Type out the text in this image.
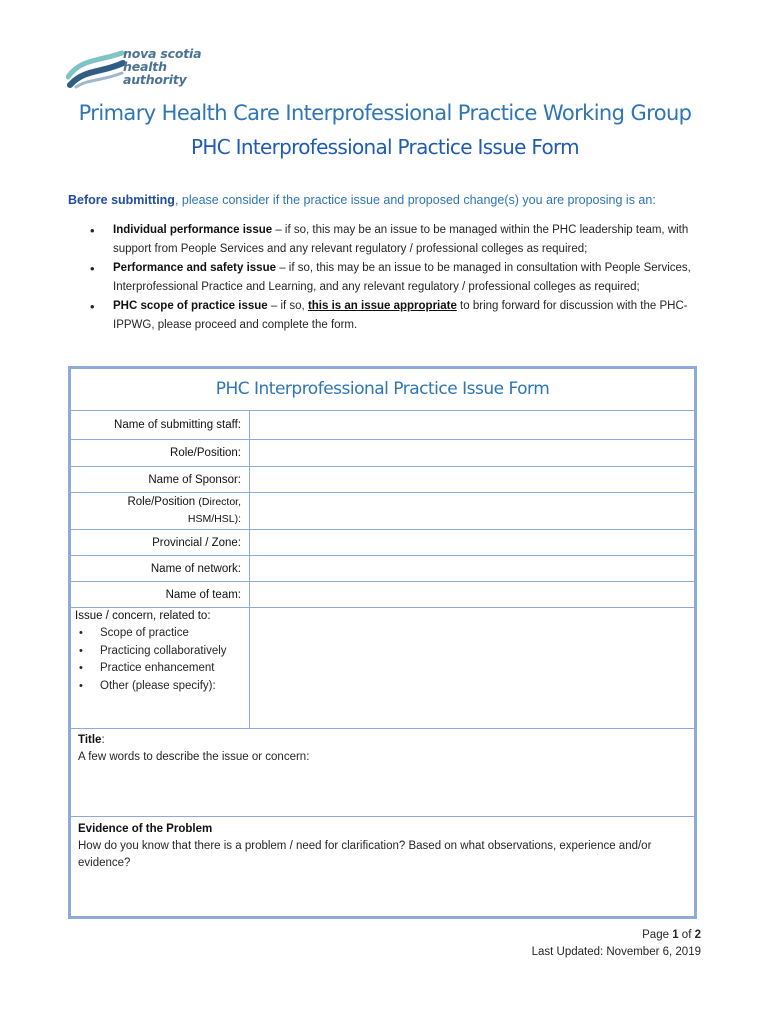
nova scotia
health authority
Primary Health Care Interprofessional Practice Working Group
PHC Interprofessional Practice Issue Form
Before submitting, please consider if the practice issue and proposed change(s) you are proposing is an:
• Individual performance issue – if so, this may be an issue to be managed within the PHC leadership team, with support from People Services and any relevant regulatory / professional colleges as required;
• Performance and safety issue – if so, this may be an issue to be managed in consultation with People Services, Interprofessional Practice and Learning, and any relevant regulatory / professional colleges as required;
• PHC scope of practice issue – if so, this is an issue appropriate to bring forward for discussion with the PHC-IPPWG, please proceed and complete the form.
PHC Interprofessional Practice Issue Form
Name of submitting staff:
Role/Position:
Name of Sponsor:
Role/Position (Director,
HSM/HSL):
Provincial / Zone:
Name of network:
Name of team:
Issue / concern, related to:
• Scope of practice
• Practicing collaboratively
• Practice enhancement
• Other (please specify):
Title:
A few words to describe the issue or concern:
Evidence of the Problem
How do you know that there is a problem / need for clarification? Based on what observations, experience and/or evidence?
Page 1 of 2
Last Updated: November 6, 2019
